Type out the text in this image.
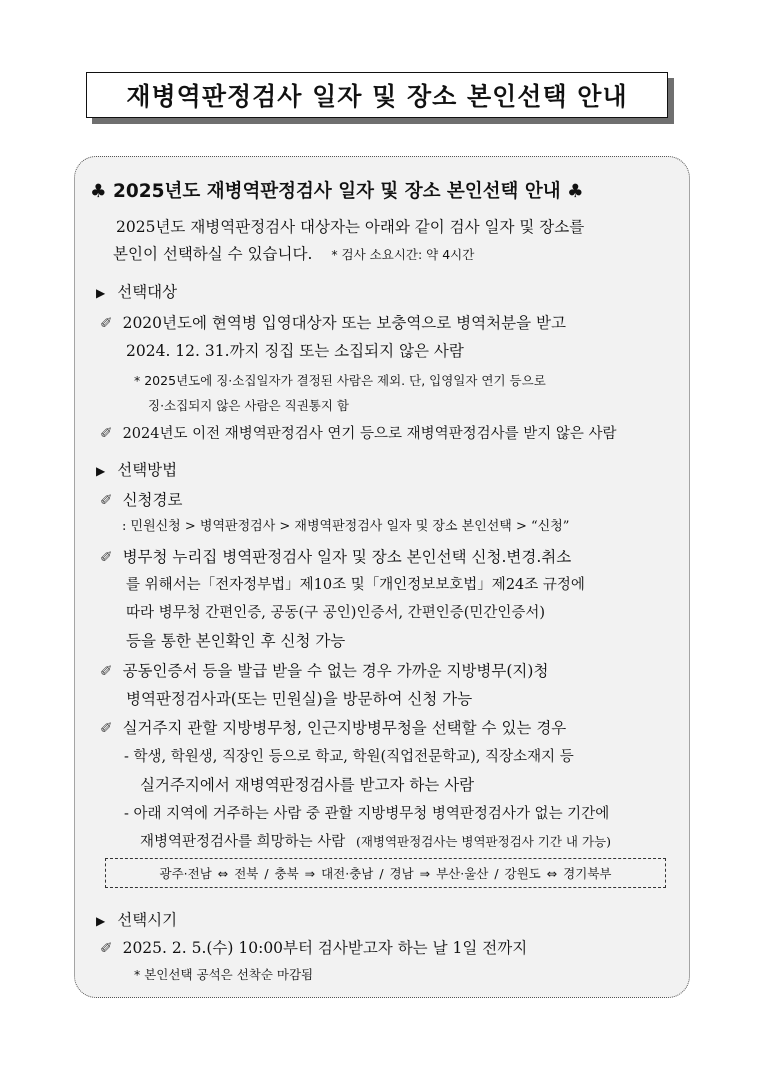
재병역판정검사 일자 및 장소 본인선택 안내
♣ 2025년도 재병역판정검사 일자 및 장소 본인선택 안내 ♣
2025년도 재병역판정검사 대상자는 아래와 같이 검사 일자 및 장소를
본인이 선택하실 수 있습니다. * 검사 소요시간: 약 4시간
▶ 선택대상
✐ 2020년도에 현역병 입영대상자 또는 보충역으로 병역처분을 받고
2024. 12. 31.까지 징집 또는 소집되지 않은 사람
* 2025년도에 징·소집일자가 결정된 사람은 제외. 단, 입영일자 연기 등으로
징·소집되지 않은 사람은 직권통지 함
✐ 2024년도 이전 재병역판정검사 연기 등으로 재병역판정검사를 받지 않은 사람
▶ 선택방법
✐ 신청경로
: 민원신청 > 병역판정검사 > 재병역판정검사 일자 및 장소 본인선택 > “신청”
✐ 병무청 누리집 병역판정검사 일자 및 장소 본인선택 신청.변경.취소
를 위해서는「전자정부법」제10조 및「개인정보보호법」제24조 규정에
따라 병무청 간편인증, 공동(구 공인)인증서, 간편인증(민간인증서)
등을 통한 본인확인 후 신청 가능
✐ 공동인증서 등을 발급 받을 수 없는 경우 가까운 지방병무(지)청
병역판정검사과(또는 민원실)을 방문하여 신청 가능
✐ 실거주지 관할 지방병무청, 인근지방병무청을 선택할 수 있는 경우
- 학생, 학원생, 직장인 등으로 학교, 학원(직업전문학교), 직장소재지 등
실거주지에서 재병역판정검사를 받고자 하는 사람
- 아래 지역에 거주하는 사람 중 관할 지방병무청 병역판정검사가 없는 기간에
재병역판정검사를 희망하는 사람 (재병역판정검사는 병역판정검사 기간 내 가능)
광주·전남 ⇔ 전북 / 충북 ⇒ 대전·충남 / 경남 ⇒ 부산·울산 / 강원도 ⇔ 경기북부
▶ 선택시기
✐ 2025. 2. 5.(수) 10:00부터 검사받고자 하는 날 1일 전까지
* 본인선택 공석은 선착순 마감됨
